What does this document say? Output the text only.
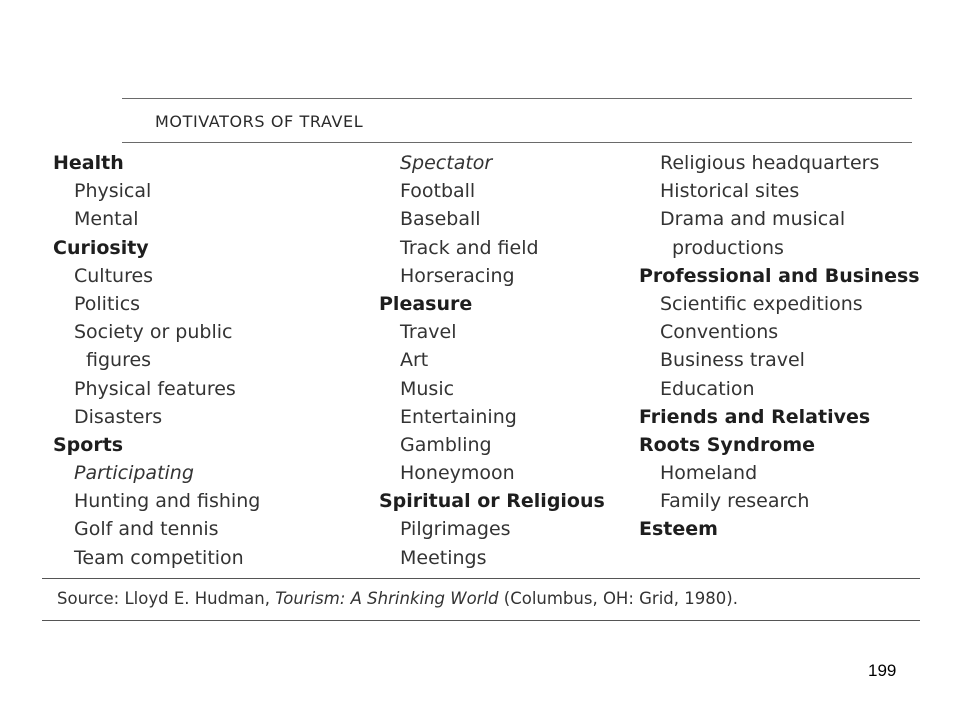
MOTIVATORS OF TRAVEL
Health
Physical
Mental
Curiosity
Cultures
Politics
Society or public
figures
Physical features
Disasters
Sports
Participating
Hunting and fishing
Golf and tennis
Team competition
Spectator
Football
Baseball
Track and field
Horseracing
Pleasure
Travel
Art
Music
Entertaining
Gambling
Honeymoon
Spiritual or Religious
Pilgrimages
Meetings
Religious headquarters
Historical sites
Drama and musical
productions
Professional and Business
Scientific expeditions
Conventions
Business travel
Education
Friends and Relatives
Roots Syndrome
Homeland
Family research
Esteem
Source: Lloyd E. Hudman, Tourism: A Shrinking World (Columbus, OH: Grid, 1980).
199
